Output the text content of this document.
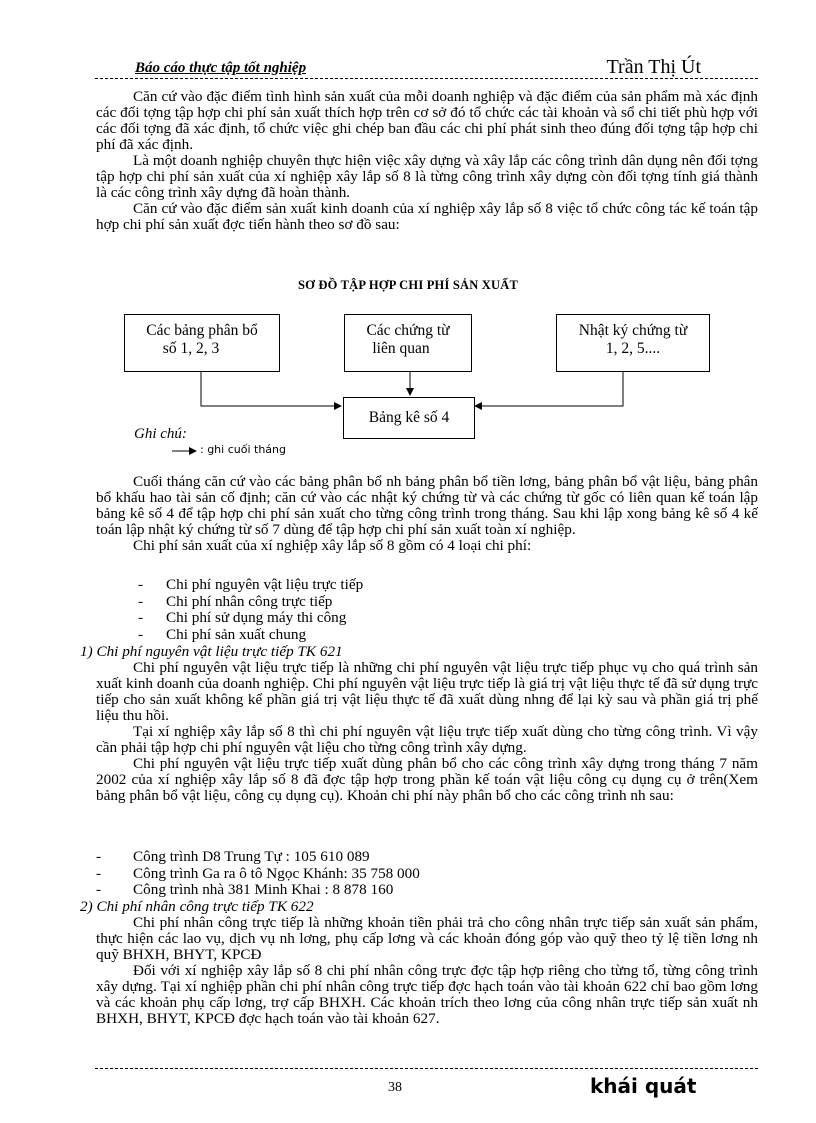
Báo cáo thực tập tốt nghiệp	Trần Thị Út

Căn cứ vào đặc điểm tình hình sản xuất của mỗi doanh nghiệp và đặc điểm của sản phẩm mà xác định các đối tợng tập hợp chi phí sản xuất thích hợp trên cơ sở đó tổ chức các tài khoản và sổ chi tiết phù hợp với các đối tợng đã xác định, tổ chức việc ghi chép ban đầu các chi phí phát sinh theo đúng đối tợng tập hợp chi phí đã xác định.

Là một doanh nghiệp chuyên thực hiện việc xây dựng và xây lắp các công trình dân dụng nên đối tợng tập hợp chi phí sản xuất của xí nghiệp xây lắp số 8 là từng công trình xây dựng còn đối tợng tính giá thành là các công trình xây dựng đã hoàn thành.

Căn cứ vào đặc điểm sản xuất kinh doanh của xí nghiệp xây lắp số 8 việc tổ chức công tác kế toán tập hợp chi phí sản xuất đợc tiến hành theo sơ đồ sau:

SƠ ĐỒ TẬP HỢP CHI PHÍ SẢN XUẤT
Các bảng phân bổ
số 1, 2, 3
Các chứng từ
liên quan
Nhật ký chứng từ
1, 2, 5....
Bảng kê số 4
Ghi chú:
: ghi cuối tháng

Cuối tháng căn cứ vào các bảng phân bổ nh bảng phân bổ tiền lơng, bảng phân bổ vật liệu, bảng phân bổ khấu hao tài sản cố định; căn cứ vào các nhật ký chứng từ và các chứng từ gốc có liên quan kế toán lập bảng kê số 4 để tập hợp chi phí sản xuất cho từng công trình trong tháng. Sau khi lập xong bảng kê số 4 kế toán lập nhật ký chứng từ số 7 dùng để tập hợp chi phí sản xuất toàn xí nghiệp.

Chi phí sản xuất của xí nghiệp xây lắp số 8 gồm có 4 loại chi phí:

- Chi phí nguyên vật liệu trực tiếp
- Chi phí nhân công trực tiếp
- Chi phí sử dụng máy thi công
- Chi phí sản xuất chung
1) Chi phí nguyên vật liệu trực tiếp TK 621

Chi phí nguyên vật liệu trực tiếp là những chi phí nguyên vật liệu trực tiếp phục vụ cho quá trình sản xuất kinh doanh của doanh nghiệp. Chi phí nguyên vật liệu trực tiếp là giá trị vật liệu thực tế đã sử dụng trực tiếp cho sản xuất không kể phần giá trị vật liệu thực tế đã xuất dùng nhng để lại kỳ sau và phần giá trị phế liệu thu hồi.

Tại xí nghiệp xây lắp số 8 thì chi phí nguyên vật liệu trực tiếp xuất dùng cho từng công trình. Vì vậy cần phải tập hợp chi phí nguyên vật liệu cho từng công trình xây dựng.

Chi phí nguyên vật liệu trực tiếp xuất dùng phân bổ cho các công trình xây dựng trong tháng 7 năm 2002 của xí nghiệp xây lắp số 8 đã đợc tập hợp trong phần kế toán vật liệu công cụ dụng cụ ở trên(Xem bảng phân bổ vật liệu, công cụ dụng cụ). Khoản chi phí này phân bổ cho các công trình nh sau:

- Công trình D8 Trung Tự : 105 610 089
- Công trình Ga ra ô tô Ngọc Khánh: 35 758 000
- Công trình nhà 381 Minh Khai : 8 878 160
2) Chi phí nhân công trực tiếp TK 622

Chi phí nhân công trực tiếp là những khoản tiền phải trả cho công nhân trực tiếp sản xuất sản phẩm, thực hiện các lao vụ, dịch vụ nh lơng, phụ cấp lơng và các khoản đóng góp vào quỹ theo tỷ lệ tiền lơng nh quỹ BHXH, BHYT, KPCĐ

Đối với xí nghiệp xây lắp số 8 chi phí nhân công trực đợc tập hợp riêng cho từng tổ, từng công trình xây dựng. Tại xí nghiệp phần chi phí nhân công trực tiếp đợc hạch toán vào tài khoản 622 chỉ bao gồm lơng và các khoản phụ cấp lơng, trợ cấp BHXH. Các khoản trích theo lơng của công nhân trực tiếp sản xuất nh BHXH, BHYT, KPCĐ đợc hạch toán vào tài khoản 627.

38	khái quát
